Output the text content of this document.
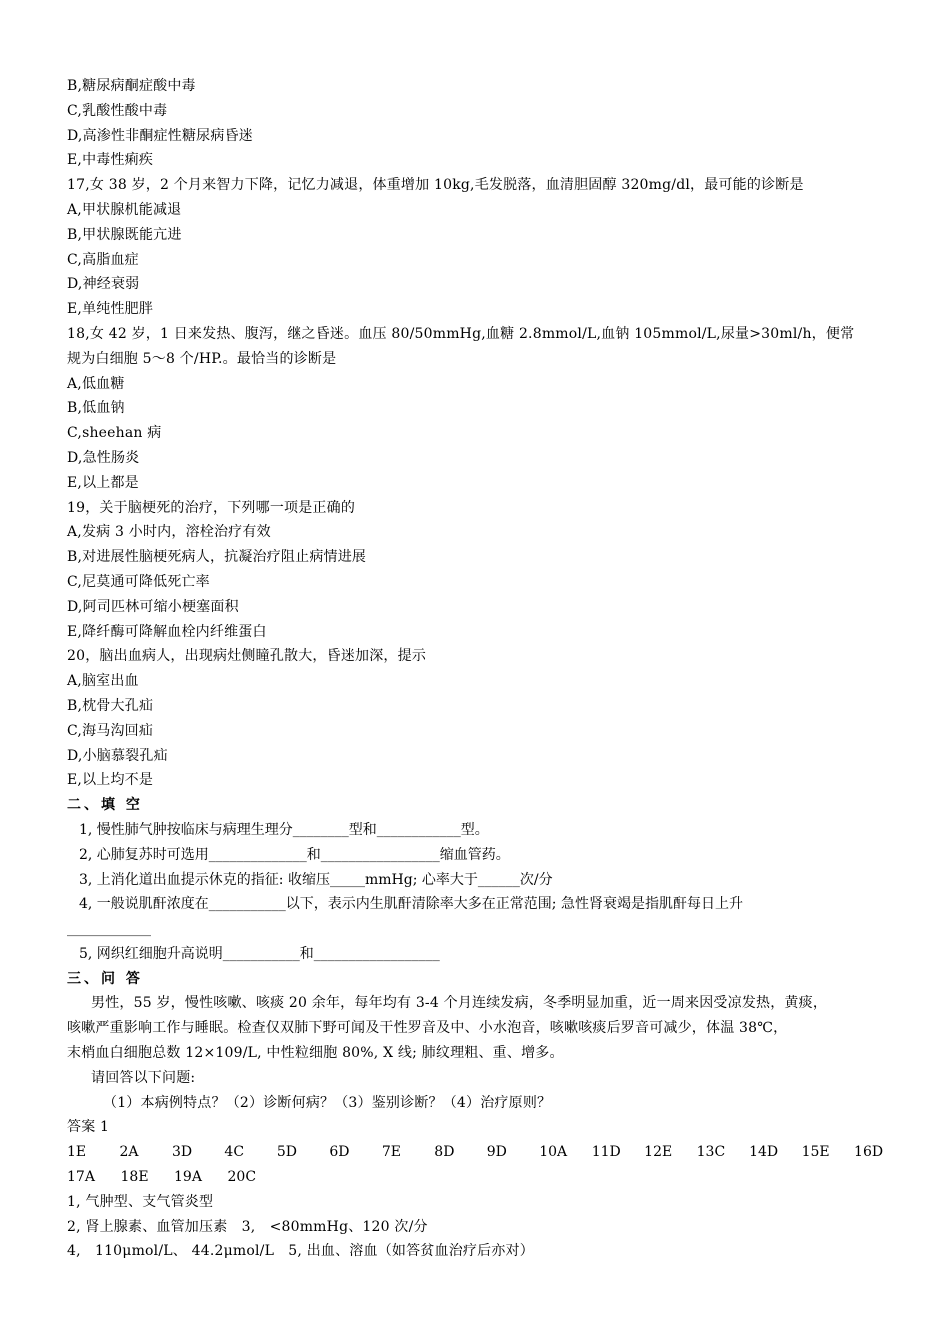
B,糖尿病酮症酸中毒
C,乳酸性酸中毒
D,高渗性非酮症性糖尿病昏迷
E,中毒性痢疾
17,女 38 岁，2 个月来智力下降，记忆力减退，体重增加 10kg,毛发脱落，血清胆固醇 320mg/dl，最可能的诊断是
A,甲状腺机能减退
B,甲状腺既能亢进
C,高脂血症
D,神经衰弱
E,单纯性肥胖
18,女 42 岁，1 日来发热、腹泻，继之昏迷。血压 80/50mmHg,血糖 2.8mmol/L,血钠 105mmol/L,尿量>30ml/h，便常
规为白细胞 5～8 个/HP.。最恰当的诊断是
A,低血糖
B,低血钠
C,sheehan 病
D,急性肠炎
E,以上都是
19，关于脑梗死的治疗，下列哪一项是正确的
A,发病 3 小时内，溶栓治疗有效
B,对进展性脑梗死病人，抗凝治疗阻止病情进展
C,尼莫通可降低死亡率
D,阿司匹林可缩小梗塞面积
E,降纤酶可降解血栓内纤维蛋白
20，脑出血病人，出现病灶侧瞳孔散大，昏迷加深，提示
A,脑室出血
B,枕骨大孔疝
C,海马沟回疝
D,小脑慕裂孔疝
E,以上均不是
二、填 空
1, 慢性肺气肿按临床与病理生理分________型和____________型。
2, 心肺复苏时可选用______________和_________________缩血管药。
3, 上消化道出血提示休克的指征: 收缩压_____mmHg; 心率大于______次/分
4, 一般说肌酐浓度在___________以下，表示内生肌酐清除率大多在正常范围; 急性肾衰竭是指肌酐每日上升
____________
5, 网织红细胞升高说明___________和__________________
三、问 答
男性，55 岁，慢性咳嗽、咳痰 20 余年，每年均有 3-4 个月连续发病，冬季明显加重，近一周来因受凉发热，黄痰，
咳嗽严重影响工作与睡眠。检查仅双肺下野可闻及干性罗音及中、小水泡音，咳嗽咳痰后罗音可减少，体温 38℃，
末梢血白细胞总数 12×109/L, 中性粒细胞 80%, X 线; 肺纹理粗、重、增多。
请回答以下问题:
（1）本病例特点？（2）诊断何病？（3）鉴别诊断？（4）治疗原则？
答案 1
1E	2A	3D	4C	5D	6D	7E	8D	9D	10A	11D	12E	13C	14D	15E	16D
17A	18E	19A	20C
1, 气肿型、支气管炎型
2, 肾上腺素、血管加压素　3,　<80mmHg、120 次/分
4,　110μmol/L、 44.2μmol/L　5, 出血、溶血（如答贫血治疗后亦对）
